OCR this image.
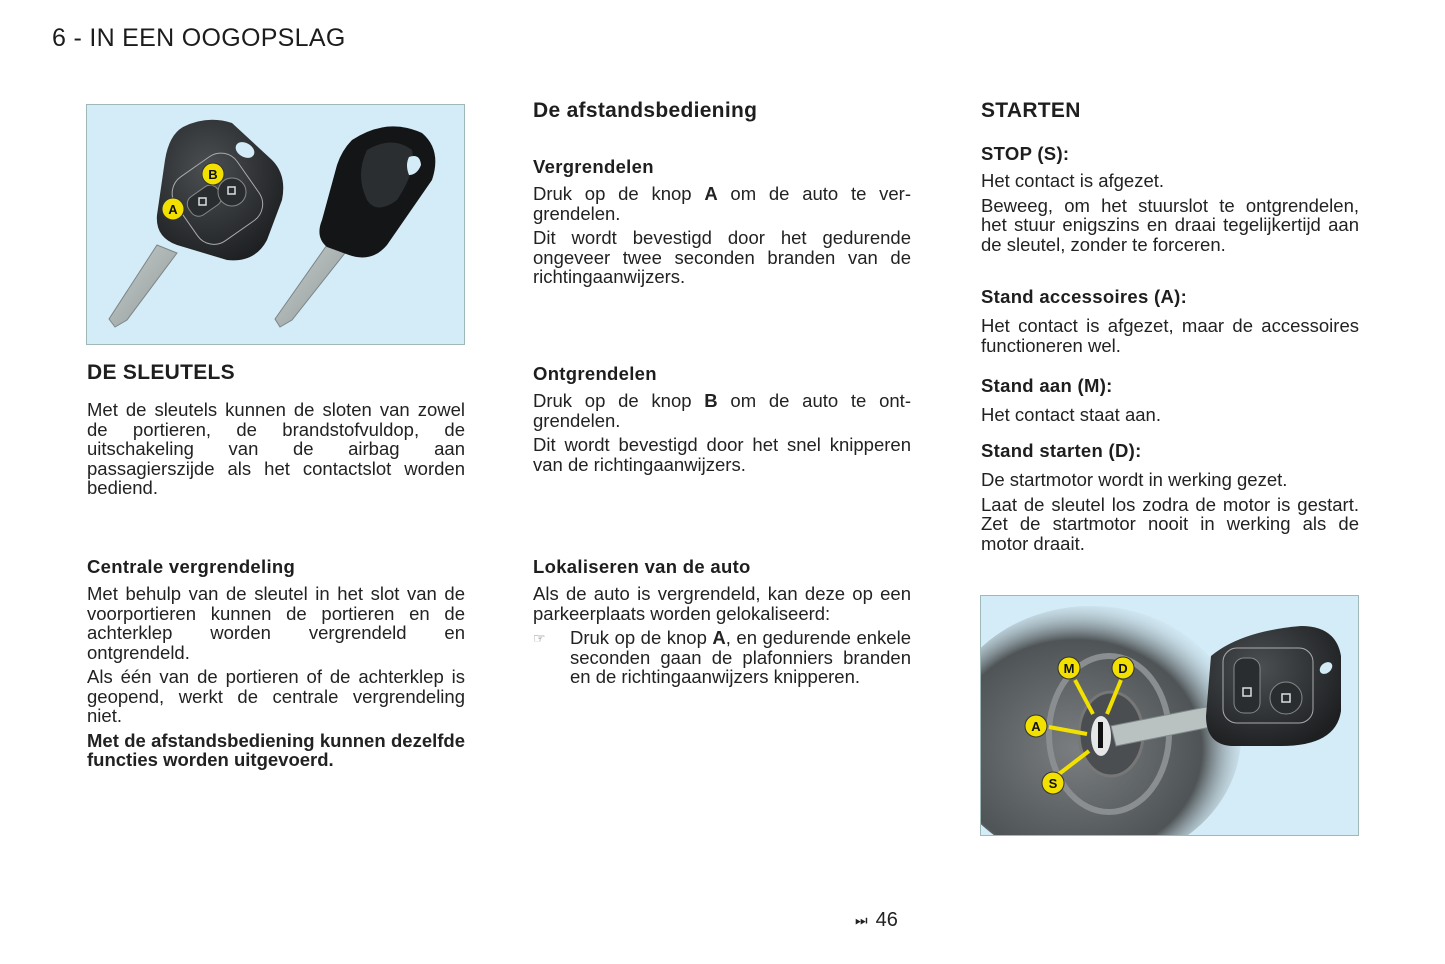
6 - IN EEN OOGOPSLAG
A
B
DE SLEUTELS

Met de sleutels kunnen de sloten van zowel de portieren, de brandstofvuldop, de uitschakeling van de airbag aan passagierszijde als het contactslot worden bediend.

Centrale vergrendeling

Met behulp van de sleutel in het slot van de voorportieren kunnen de portieren en de achterklep worden vergrendeld en ontgrendeld.

Als één van de portieren of de achterklep is geopend, werkt de centrale vergrendeling niet.

Met de afstandsbediening kunnen dezelfde functies worden uitgevoerd.

De afstandsbediening
Vergrendelen

Druk op de knop A om de auto te vergrendelen.

Dit wordt bevestigd door het gedurende ongeveer twee seconden branden van de richtingaanwijzers.

Ontgrendelen

Druk op de knop B om de auto te ontgrendelen.

Dit wordt bevestigd door het snel knipperen van de richtingaanwijzers.

Lokaliseren van de auto

Als de auto is vergrendeld, kan deze op een parkeerplaats worden gelokaliseerd:

☞	Druk op de knop A, en gedurende enkele seconden gaan de plafonniers branden en de richtingaanwijzers knipperen.
STARTEN
STOP (S):

Het contact is afgezet.

Beweeg, om het stuurslot te ontgrendelen, het stuur enigszins en draai tegelijkertijd aan de sleutel, zonder te forceren.

Stand accessoires (A):

Het contact is afgezet, maar de accessoires functioneren wel.

Stand aan (M):

Het contact staat aan.

Stand starten (D):

De startmotor wordt in werking gezet.

Laat de sleutel los zodra de motor is gestart. Zet de startmotor nooit in werking als de motor draait.

M	D
A
S
⏭ 46
